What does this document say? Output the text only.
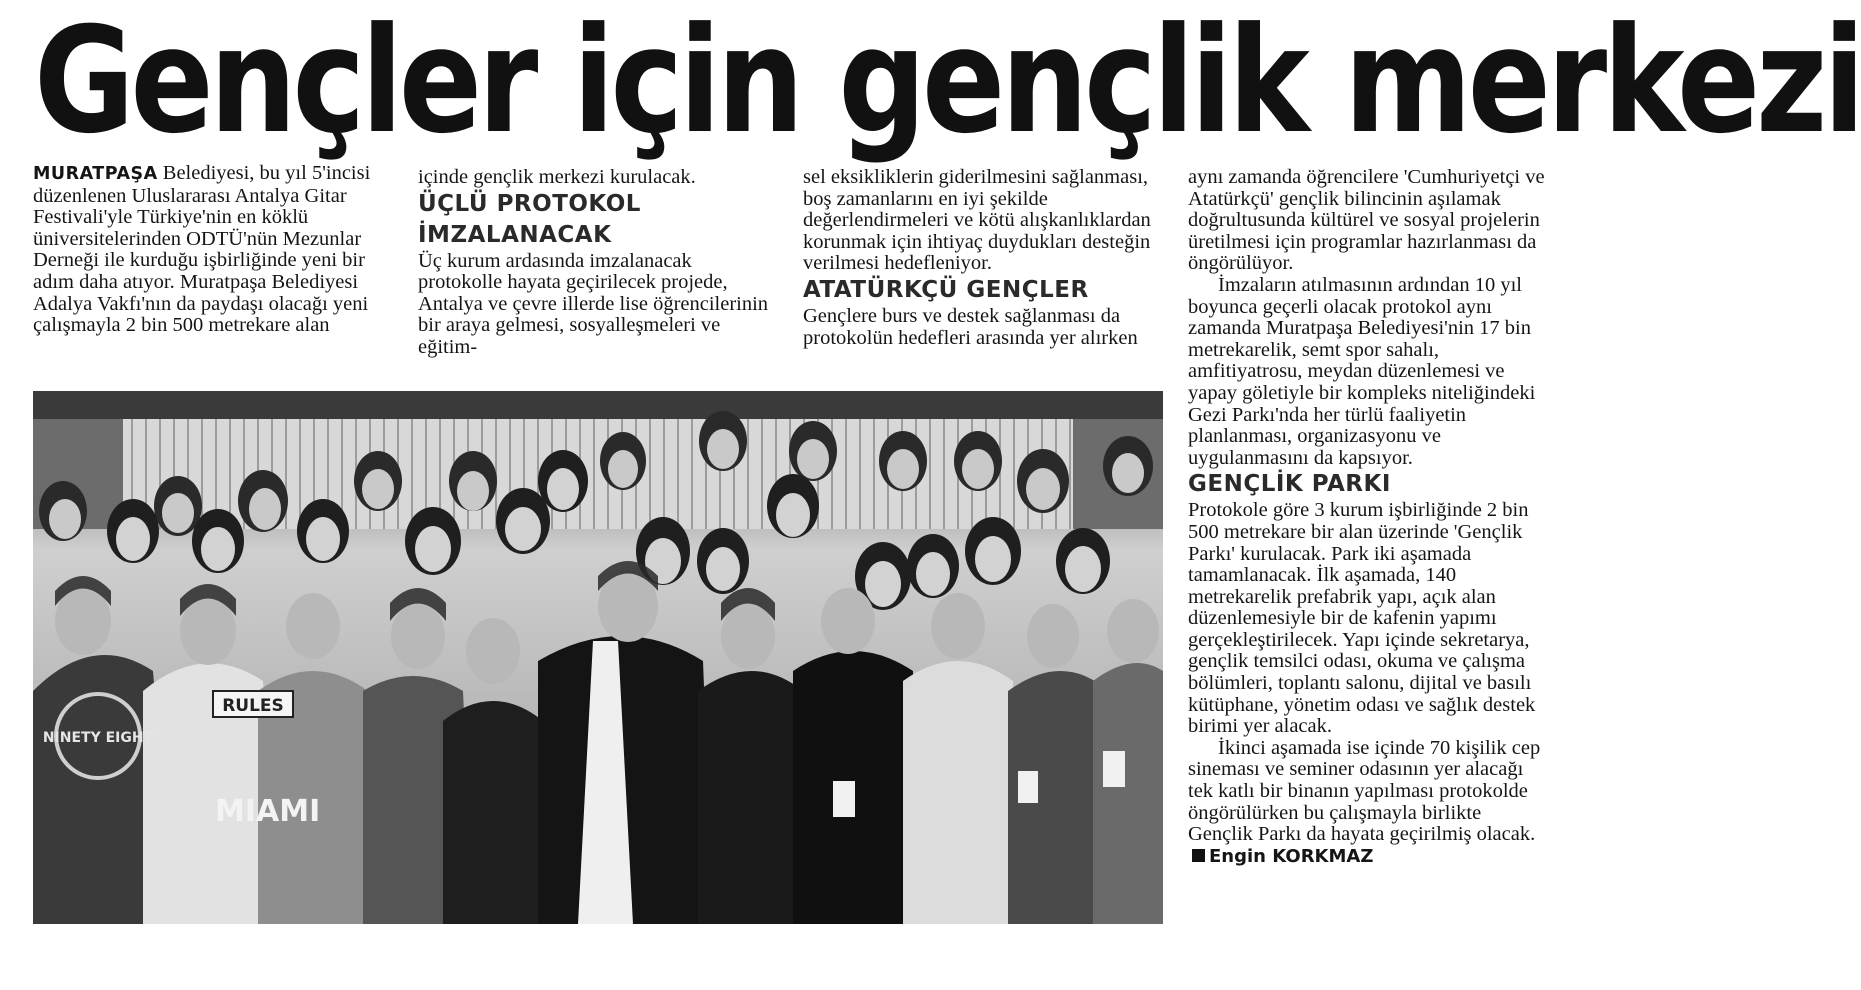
Gençler için gençlik merkezi

MURATPAŞA Belediyesi, bu yıl 5'incisi düzenlenen Uluslararası Antalya Gitar Festivali'yle Türkiye'nin en köklü üniversitelerinden ODTÜ'nün Mezunlar Derneği ile kurduğu işbirliğinde yeni bir adım daha atıyor. Muratpaşa Belediyesi Adalya Vakfı'nın da paydaşı olacağı yeni çalışmayla 2 bin 500 metrekare alan

içinde gençlik merkezi kurulacak.

ÜÇLÜ PROTOKOL İMZALANACAK

Üç kurum ardasında imzalanacak protokolle hayata geçirilecek projede, Antalya ve çevre illerde lise öğrencilerinin bir araya gelmesi, sosyalleşmeleri ve eğitim-

sel eksikliklerin giderilmesini sağlanması, boş zamanlarını en iyi şekilde değerlendirmeleri ve kötü alışkanlıklardan korunmak için ihtiyaç duydukları desteğin verilmesi hedefleniyor.

ATATÜRKÇÜ GENÇLER

Gençlere burs ve destek sağlanması da protokolün hedefleri arasında yer alırken

aynı zamanda öğrencilere 'Cumhuriyetçi ve Atatürkçü' gençlik bilincinin aşılamak doğrultusunda kültürel ve sosyal projelerin üretilmesi için programlar hazırlanması da öngörülüyor.

İmzaların atılmasının ardından 10 yıl boyunca geçerli olacak protokol aynı zamanda Muratpaşa Belediyesi'nin 17 bin metrekarelik, semt spor sahalı, amfitiyatrosu, meydan düzenlemesi ve yapay göletiyle bir kompleks niteliğindeki Gezi Parkı'nda her türlü faaliyetin planlanması, organizasyonu ve uygulanmasını da kapsıyor.

GENÇLİK PARKI

Protokole göre 3 kurum işbirliğinde 2 bin 500 metrekare bir alan üzerinde 'Gençlik Parkı' kurulacak. Park iki aşamada tamamlanacak. İlk aşamada, 140 metrekarelik prefabrik yapı, açık alan düzenlemesiyle bir de kafenin yapımı gerçekleştirilecek. Yapı içinde sekretarya, gençlik temsilci odası, okuma ve çalışma bölümleri, toplantı salonu, dijital ve basılı kütüphane, yönetim odası ve sağlık destek birimi yer alacak.

İkinci aşamada ise içinde 70 kişilik cep sineması ve seminer odasının yer alacağı tek katlı bir binanın yapılması protokolde öngörülürken bu çalışmayla birlikte Gençlik Parkı da hayata geçirilmiş olacak.Engin KORKMAZ

NINETY EIGHT
RULES
MIAMI
